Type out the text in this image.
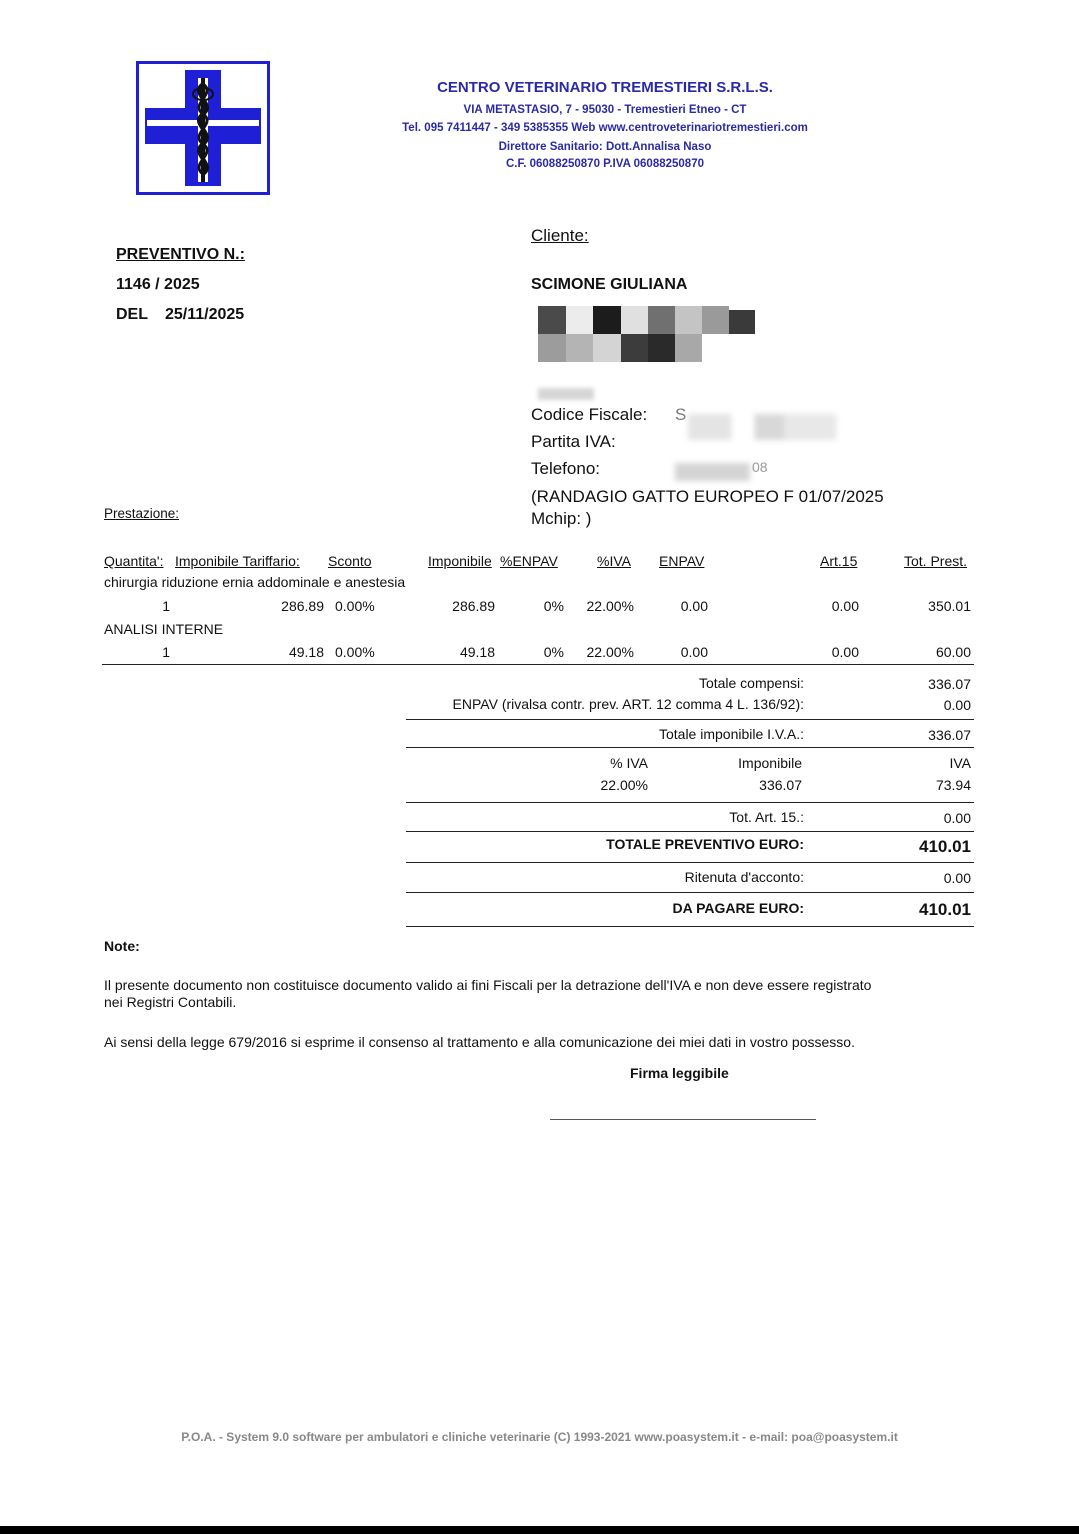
CENTRO VETERINARIO TREMESTIERI S.R.L.S.
VIA METASTASIO, 7 - 95030 - Tremestieri Etneo - CT
Tel. 095 7411447 - 349 5385355 Web www.centroveterinariotremestieri.com
Direttore Sanitario: Dott.Annalisa Naso
C.F. 06088250870 P.IVA 06088250870
PREVENTIVO N.:
1146 / 2025
DEL 25/11/2025
Cliente:
SCIMONE GIULIANA
Codice Fiscale: S
Partita IVA:
Telefono:	08
(RANDAGIO GATTO EUROPEO F 01/07/2025
Mchip: )
Prestazione:
Quantita': Imponibile Tariffario: Sconto	Imponibile %ENPAV	%IVA ENPAV	Art.15	Tot. Prest.
chirurgia riduzione ernia addominale e anestesia
1	286.89 0.00%	286.89	0%	22.00%	0.00	0.00	350.01
ANALISI INTERNE
1	49.18 0.00%	49.18	0%	22.00%	0.00	0.00	60.00
Totale compensi:	336.07
ENPAV (rivalsa contr. prev. ART. 12 comma 4 L. 136/92):	0.00
Totale imponibile I.V.A.:	336.07
% IVA	Imponibile	IVA
22.00%	336.07	73.94
Tot. Art. 15.:	0.00
TOTALE PREVENTIVO EURO:	410.01
Ritenuta d'acconto:	0.00
DA PAGARE EURO:	410.01
Note:
Il presente documento non costituisce documento valido ai fini Fiscali per la detrazione dell'IVA e non deve essere registrato
nei Registri Contabili.
Ai sensi della legge 679/2016 si esprime il consenso al trattamento e alla comunicazione dei miei dati in vostro possesso.
Firma leggibile
P.O.A. - System 9.0 software per ambulatori e cliniche veterinarie (C) 1993-2021 www.poasystem.it - e-mail: poa@poasystem.it
